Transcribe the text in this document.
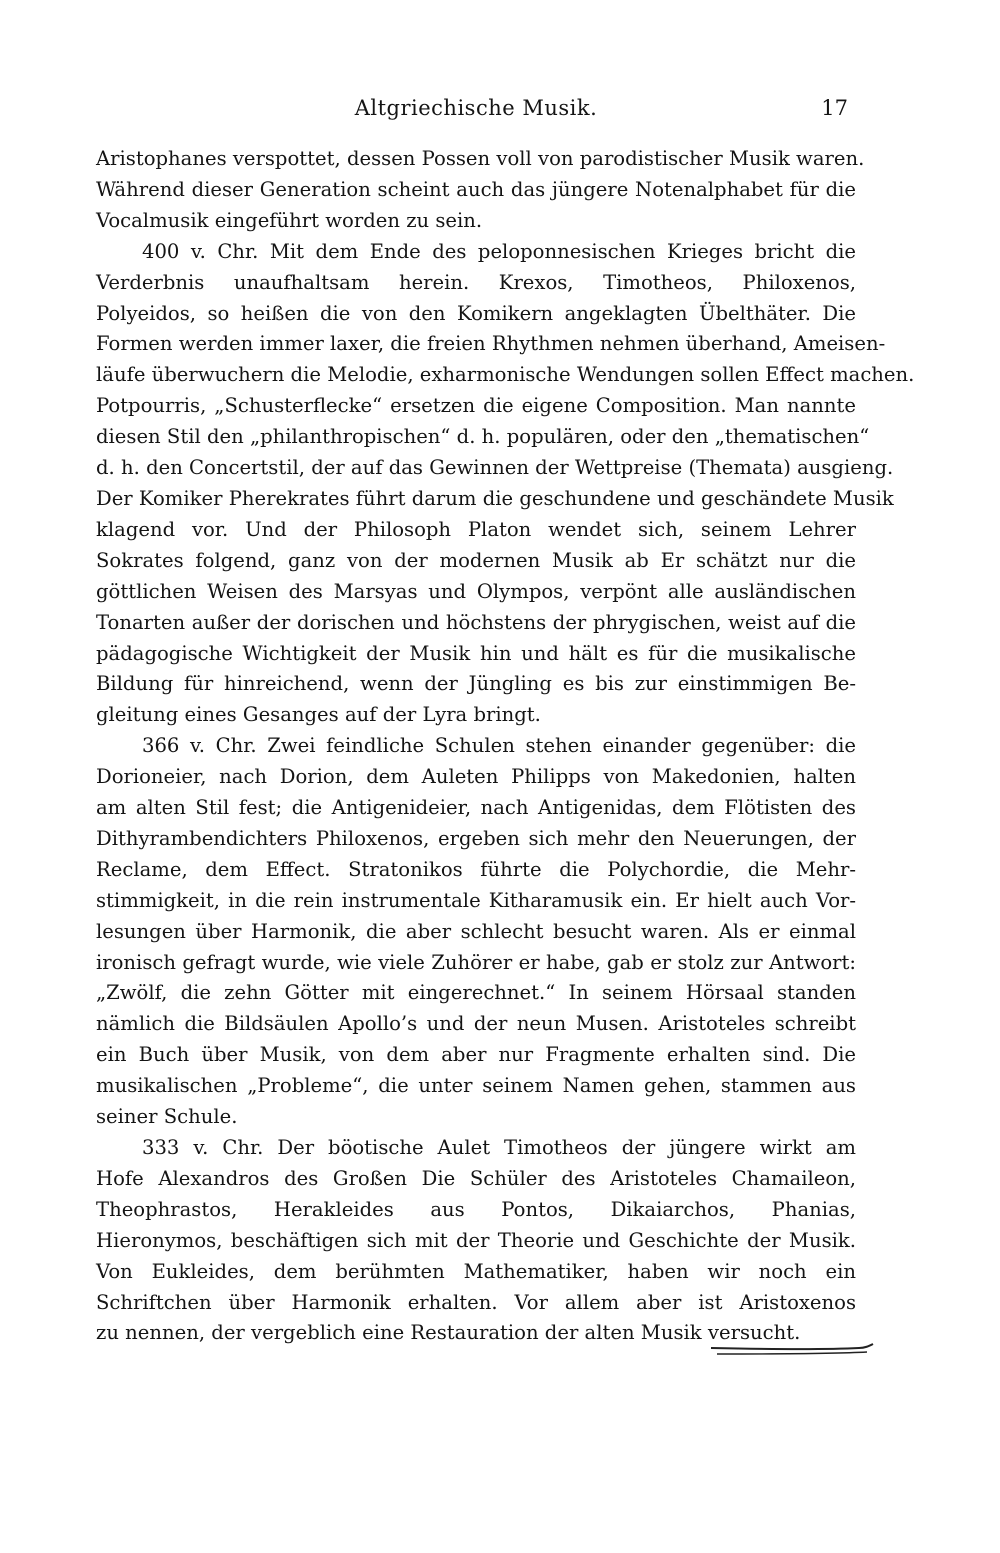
Altgriechische Musik.	17

Aristophanes verspottet, dessen Possen voll von parodistischer Musik waren.
Während dieser Generation scheint auch das jüngere Notenalphabet für die
Vocalmusik eingeführt worden zu sein.

400 v. Chr. Mit dem Ende des peloponnesischen Krieges bricht die
Verderbnis unaufhaltsam herein. Krexos, Timotheos, Philoxenos,
Polyeidos, so heißen die von den Komikern angeklagten Übelthäter. Die
Formen werden immer laxer, die freien Rhythmen nehmen überhand, Ameisen-
läufe überwuchern die Melodie, exharmonische Wendungen sollen Effect machen.
Potpourris, „Schusterflecke“ ersetzen die eigene Composition. Man nannte
diesen Stil den „philanthropischen“ d. h. populären, oder den „thematischen“
d. h. den Concertstil, der auf das Gewinnen der Wettpreise (Themata) ausgieng.
Der Komiker Pherekrates führt darum die geschundene und geschändete Musik
klagend vor. Und der Philosoph Platon wendet sich, seinem Lehrer
Sokrates folgend, ganz von der modernen Musik ab Er schätzt nur die
göttlichen Weisen des Marsyas und Olympos, verpönt alle ausländischen
Tonarten außer der dorischen und höchstens der phrygischen, weist auf die
pädagogische Wichtigkeit der Musik hin und hält es für die musikalische
Bildung für hinreichend, wenn der Jüngling es bis zur einstimmigen Be-
gleitung eines Gesanges auf der Lyra bringt.

366 v. Chr. Zwei feindliche Schulen stehen einander gegenüber: die
Dorioneier, nach Dorion, dem Auleten Philipps von Makedonien, halten
am alten Stil fest; die Antigenideier, nach Antigenidas, dem Flötisten des
Dithyrambendichters Philoxenos, ergeben sich mehr den Neuerungen, der
Reclame, dem Effect. Stratonikos führte die Polychordie, die Mehr-
stimmigkeit, in die rein instrumentale Kitharamusik ein. Er hielt auch Vor-
lesungen über Harmonik, die aber schlecht besucht waren. Als er einmal
ironisch gefragt wurde, wie viele Zuhörer er habe, gab er stolz zur Antwort:
„Zwölf, die zehn Götter mit eingerechnet.“ In seinem Hörsaal standen
nämlich die Bildsäulen Apollo’s und der neun Musen. Aristoteles schreibt
ein Buch über Musik, von dem aber nur Fragmente erhalten sind. Die
musikalischen „Probleme“, die unter seinem Namen gehen, stammen aus
seiner Schule.

333 v. Chr. Der böotische Aulet Timotheos der jüngere wirkt am
Hofe Alexandros des Großen Die Schüler des Aristoteles Chamaileon,
Theophrastos, Herakleides aus Pontos, Dikaiarchos, Phanias,
Hieronymos, beschäftigen sich mit der Theorie und Geschichte der Musik.
Von Eukleides, dem berühmten Mathematiker, haben wir noch ein
Schriftchen über Harmonik erhalten. Vor allem aber ist Aristoxenos
zu nennen, der vergeblich eine Restauration der alten Musik versucht.
